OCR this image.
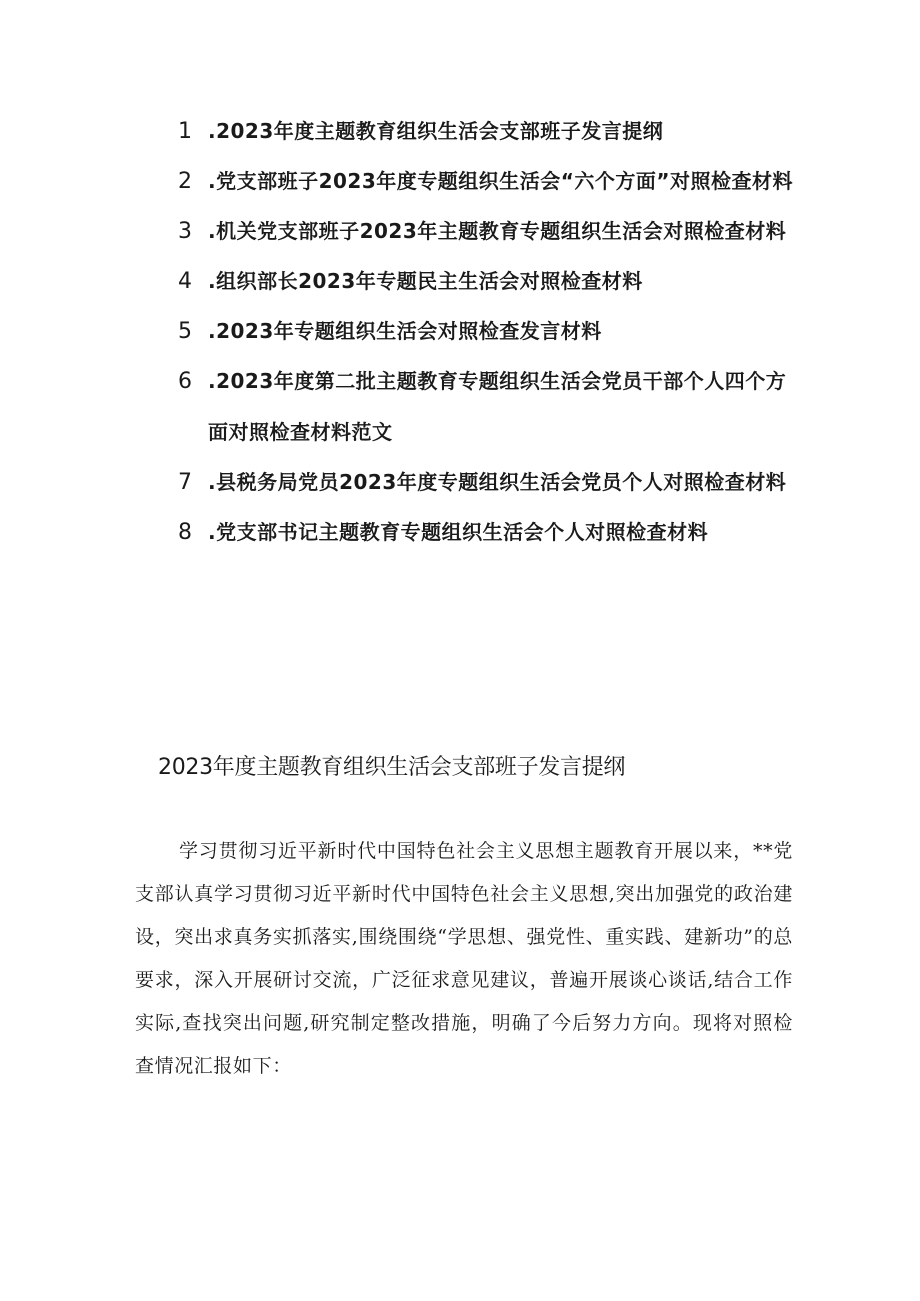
1 .2023年度主题教育组织生活会支部班子发言提纲
2 .党支部班子2023年度专题组织生活会“六个方面”对照检查材料
3 .机关党支部班子2023年主题教育专题组织生活会对照检查材料
4 .组织部长2023年专题民主生活会对照检查材料
5 .2023年专题组织生活会对照检查发言材料
6 .2023年度第二批主题教育专题组织生活会党员干部个人四个方面对照检查材料范文
7 .县税务局党员2023年度专题组织生活会党员个人对照检查材料
8 .党支部书记主题教育专题组织生活会个人对照检查材料
2023年度主题教育组织生活会支部班子发言提纲

学习贯彻习近平新时代中国特色社会主义思想主题教育开展以来，**党支部认真学习贯彻习近平新时代中国特色社会主义思想,突出加强党的政治建设，突出求真务实抓落实,围绕围绕“学思想、强党性、重实践、建新功”的总要求，深入开展研讨交流，广泛征求意见建议，普遍开展谈心谈话,结合工作实际,查找突出问题,研究制定整改措施，明确了今后努力方向。现将对照检查情况汇报如下：
